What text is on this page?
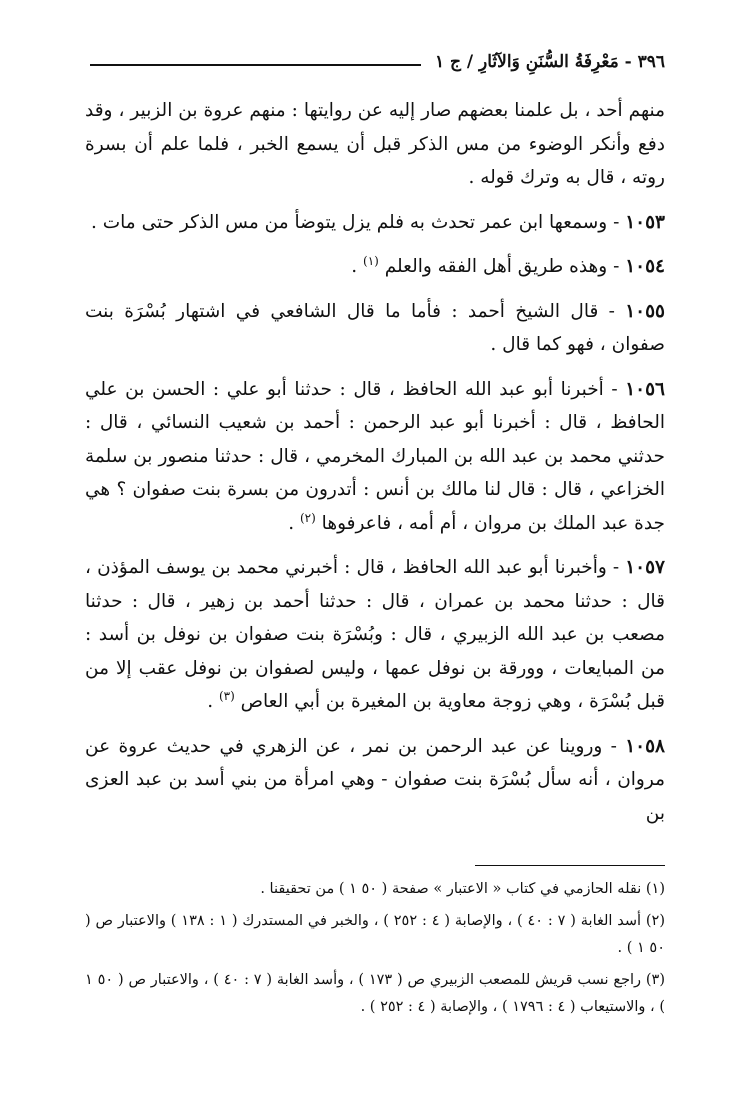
٣٩٦ - مَعْرِفَةُ السُّنَنِ وَالآثَارِ / ج ١

منهم أحد ، بل علمنا بعضهم صار إليه عن روايتها : منهم عروة بن الزبير ، وقد دفع وأنكر الوضوء من مس الذكر قبل أن يسمع الخبر ، فلما علم أن بسرة روته ، قال به وترك قوله .

١٠٥٣ - وسمعها ابن عمر تحدث به فلم يزل يتوضأ من مس الذكر حتى مات .

١٠٥٤ - وهذه طريق أهل الفقه والعلم $^{(١)}$ .

١٠٥٥ - قال الشيخ أحمد : فأما ما قال الشافعي في اشتهار بُسْرَة بنت صفوان ، فهو كما قال .

١٠٥٦ - أخبرنا أبو عبد الله الحافظ ، قال : حدثنا أبو علي : الحسن بن علي الحافظ ، قال : أخبرنا أبو عبد الرحمن : أحمد بن شعيب النسائي ، قال : حدثني محمد بن عبد الله بن المبارك المخرمي ، قال : حدثنا منصور بن سلمة الخزاعي ، قال : قال لنا مالك بن أنس : أتدرون من بسرة بنت صفوان ؟ هي جدة عبد الملك بن مروان ، أم أمه ، فاعرفوها $^{(٢)}$ .

١٠٥٧ - وأخبرنا أبو عبد الله الحافظ ، قال : أخبرني محمد بن يوسف المؤذن ، قال : حدثنا محمد بن عمران ، قال : حدثنا أحمد بن زهير ، قال : حدثنا مصعب بن عبد الله الزبيري ، قال : وبُسْرَة بنت صفوان بن نوفل بن أسد : من المبايعات ، وورقة بن نوفل عمها ، وليس لصفوان بن نوفل عقب إلا من قبل بُسْرَة ، وهي زوجة معاوية بن المغيرة بن أبي العاص $^{(٣)}$ .

١٠٥٨ - وروينا عن عبد الرحمن بن نمر ، عن الزهري في حديث عروة عن مروان ، أنه سأل بُسْرَة بنت صفوان - وهي امرأة من بني أسد بن عبد العزى بن

(١) نقله الحازمي في كتاب « الاعتبار » صفحة ( ٥٠ ١ ) من تحقيقنا .

(٢) أسد الغابة ( ٧ : ٤٠ ) ، والإصابة ( ٤ : ٢٥٢ ) ، والخبر في المستدرك ( ١ : ١٣٨ ) والاعتبار ص ( ٥٠ ١ ) .

(٣) راجع نسب قريش للمصعب الزبيري ص ( ١٧٣ ) ، وأسد الغابة ( ٧ : ٤٠ ) ، والاعتبار ص ( ٥٠ ١ ) ، والاستيعاب ( ٤ : ١٧٩٦ ) ، والإصابة ( ٤ : ٢٥٢ ) .
